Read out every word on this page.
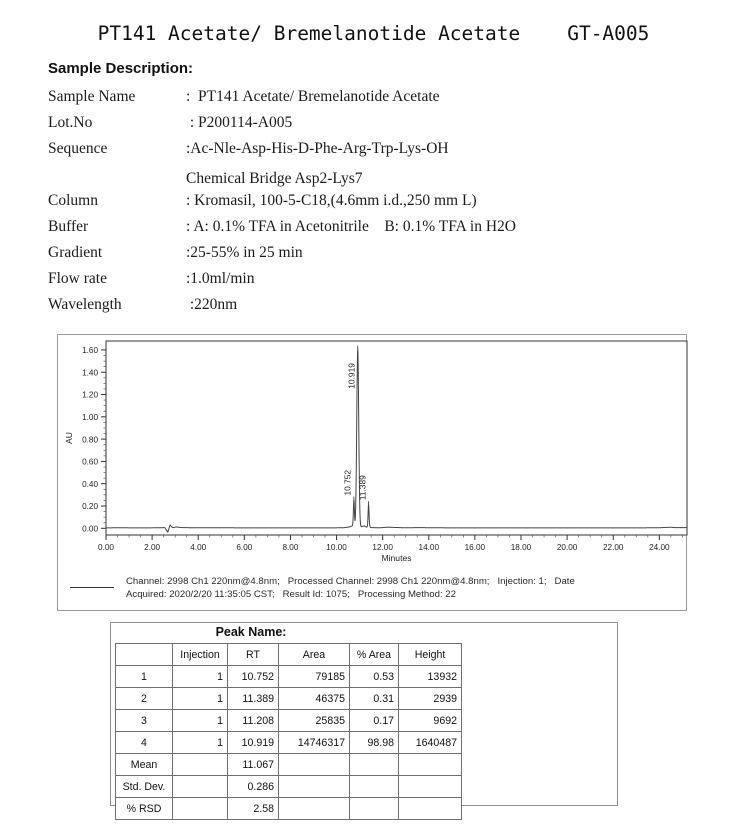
PT141 Acetate/ Bremelanotide Acetate    GT-A005
Sample Description:
Sample Name	:  PT141 Acetate/ Bremelanotide Acetate
Lot.No	: P200114-A005
Sequence	:Ac-Nle-Asp-His-D-Phe-Arg-Trp-Lys-OH
Chemical Bridge Asp2-Lys7
Column	: Kromasil, 100-5-C18,(4.6mm i.d.,250 mm L)
Buffer	: A: 0.1% TFA in Acetonitrile    B: 0.1% TFA in H2O
Gradient	:25-55% in 25 min
Flow rate	:1.0ml/min
Wavelength	:220nm
0.00
0.20
0.40
0.60
0.80
1.00
1.20
1.40
1.60
AU
0.00	2.00	4.00	6.00	8.00	10.00	12.00	14.00	16.00	18.00	20.00	22.00	24.00
Minutes
10.919
10.752 11.389
Channel: 2998 Ch1 220nm@4.8nm;   Processed Channel: 2998 Ch1 220nm@4.8nm;   Injection: 1;   Date
Acquired: 2020/2/20 11:35:05 CST;   Result Id: 1075;   Processing Method: 22
Peak Name:
	Injection	RT	Area	% Area	Height
1	1	10.752	79185	0.53	13932
2	1	11.389	46375	0.31	2939
3	1	11.208	25835	0.17	9692
4	1	10.919	14746317	98.98	1640487
Mean		11.067			
Std. Dev.		0.286			
% RSD		2.58			
